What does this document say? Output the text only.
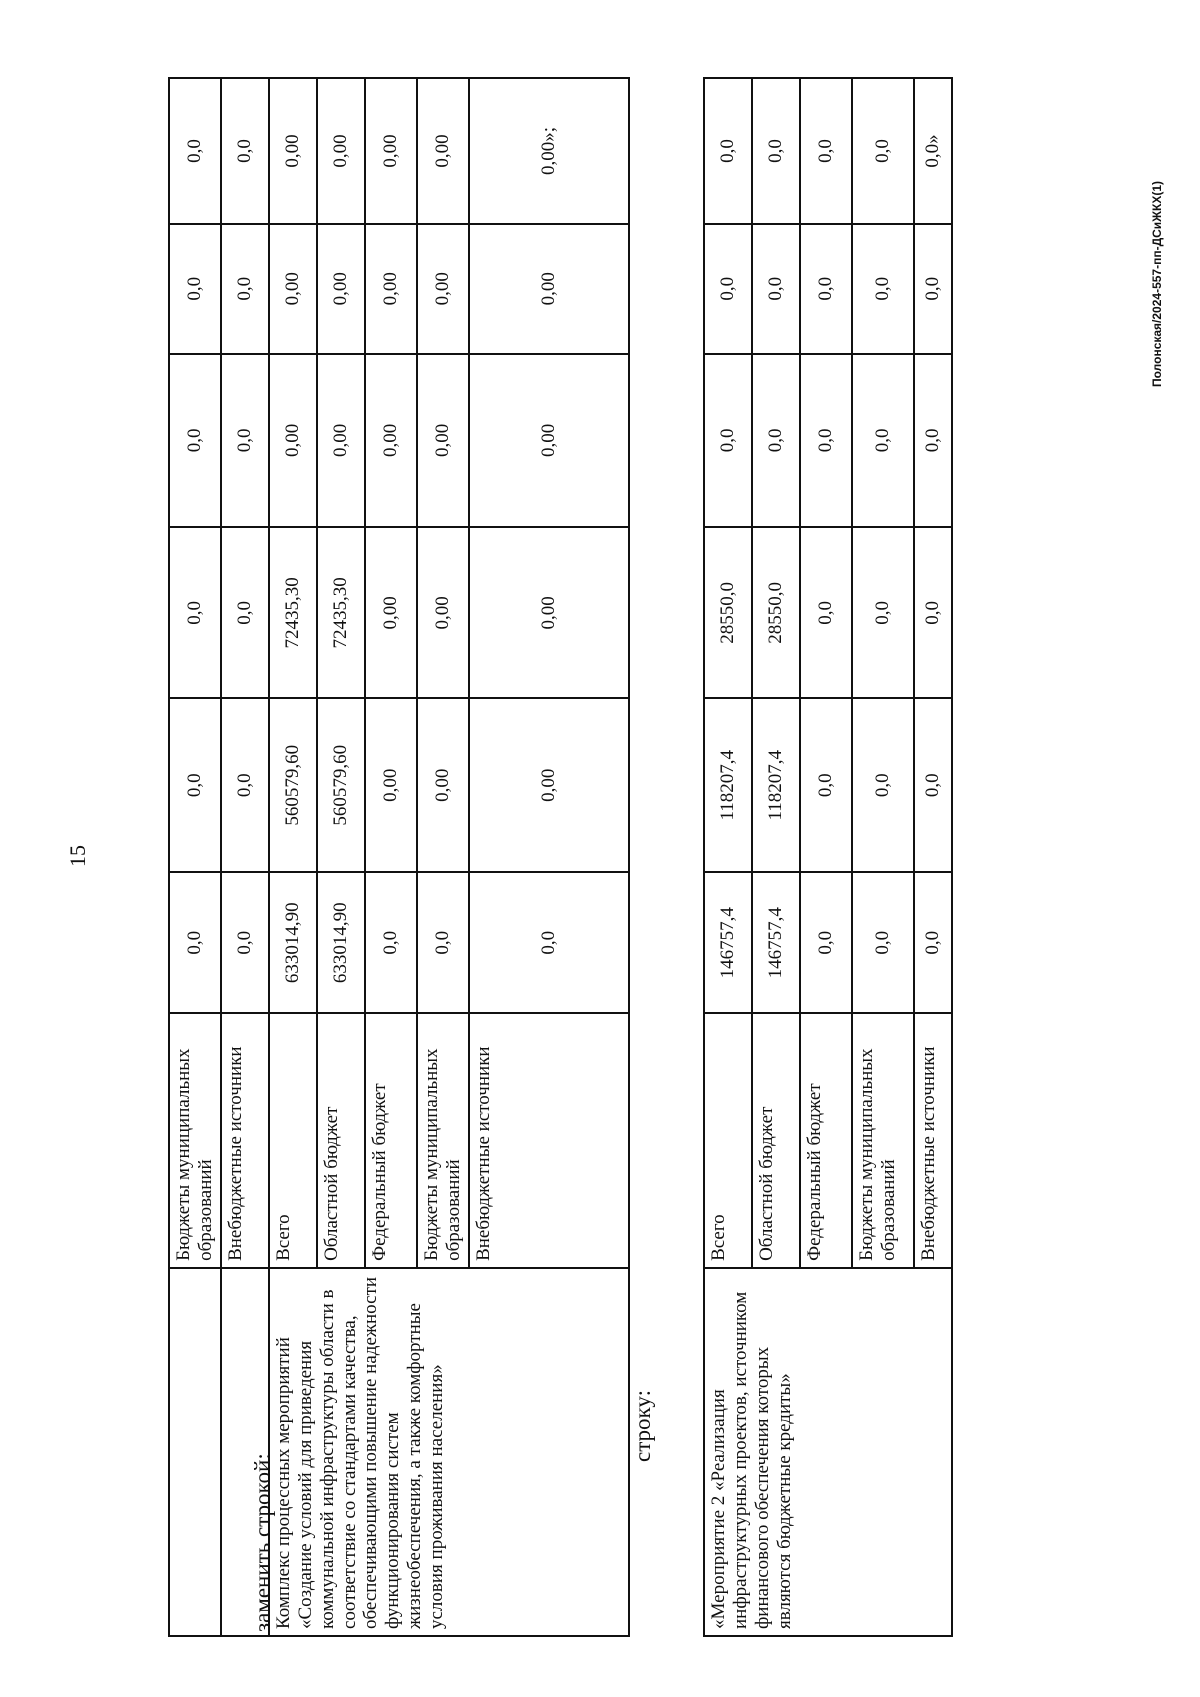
15
	Бюджеты муниципальных образований	0,0	0,0	0,0	0,0	0,0	0,0
	Внебюджетные источники	0,0	0,0	0,0	0,0	0,0	0,0
Комплекс процессных мероприятий «Создание условий для приведения коммунальной инфраструктуры области в соответствие со стандартами качества, обеспечивающими повышение надежности функционирования систем жизнеобеспечения, а также комфортные условия проживания населения»	Всего	633014,90	560579,60	72435,30	0,00	0,00	0,00
	Областной бюджет	633014,90	560579,60	72435,30	0,00	0,00	0,00
	Федеральный бюджет	0,0	0,00	0,00	0,00	0,00	0,00
	Бюджеты муниципальных образований	0,0	0,00	0,00	0,00	0,00	0,00
	Внебюджетные источники	0,0	0,00	0,00	0,00	0,00	0,00»;
строку:	«Мероприятие 2 «Реализация инфраструктурных проектов, источником финансового обеспечения которых являются бюджетные кредиты»	Всего	146757,4	118207,4	28550,0	0,0	0,0	0,0
	Областной бюджет	146757,4	118207,4	28550,0	0,0	0,0	0,0
	Федеральный бюджет	0,0	0,0	0,0	0,0	0,0	0,0
	Бюджеты муниципальных образований	0,0	0,0	0,0	0,0	0,0	0,0
	Внебюджетные источники	0,0	0,0	0,0	0,0	0,0	0,0»
заменить строкой:
Полонская/2024-557-пп-ДСиЖКХ(1)
